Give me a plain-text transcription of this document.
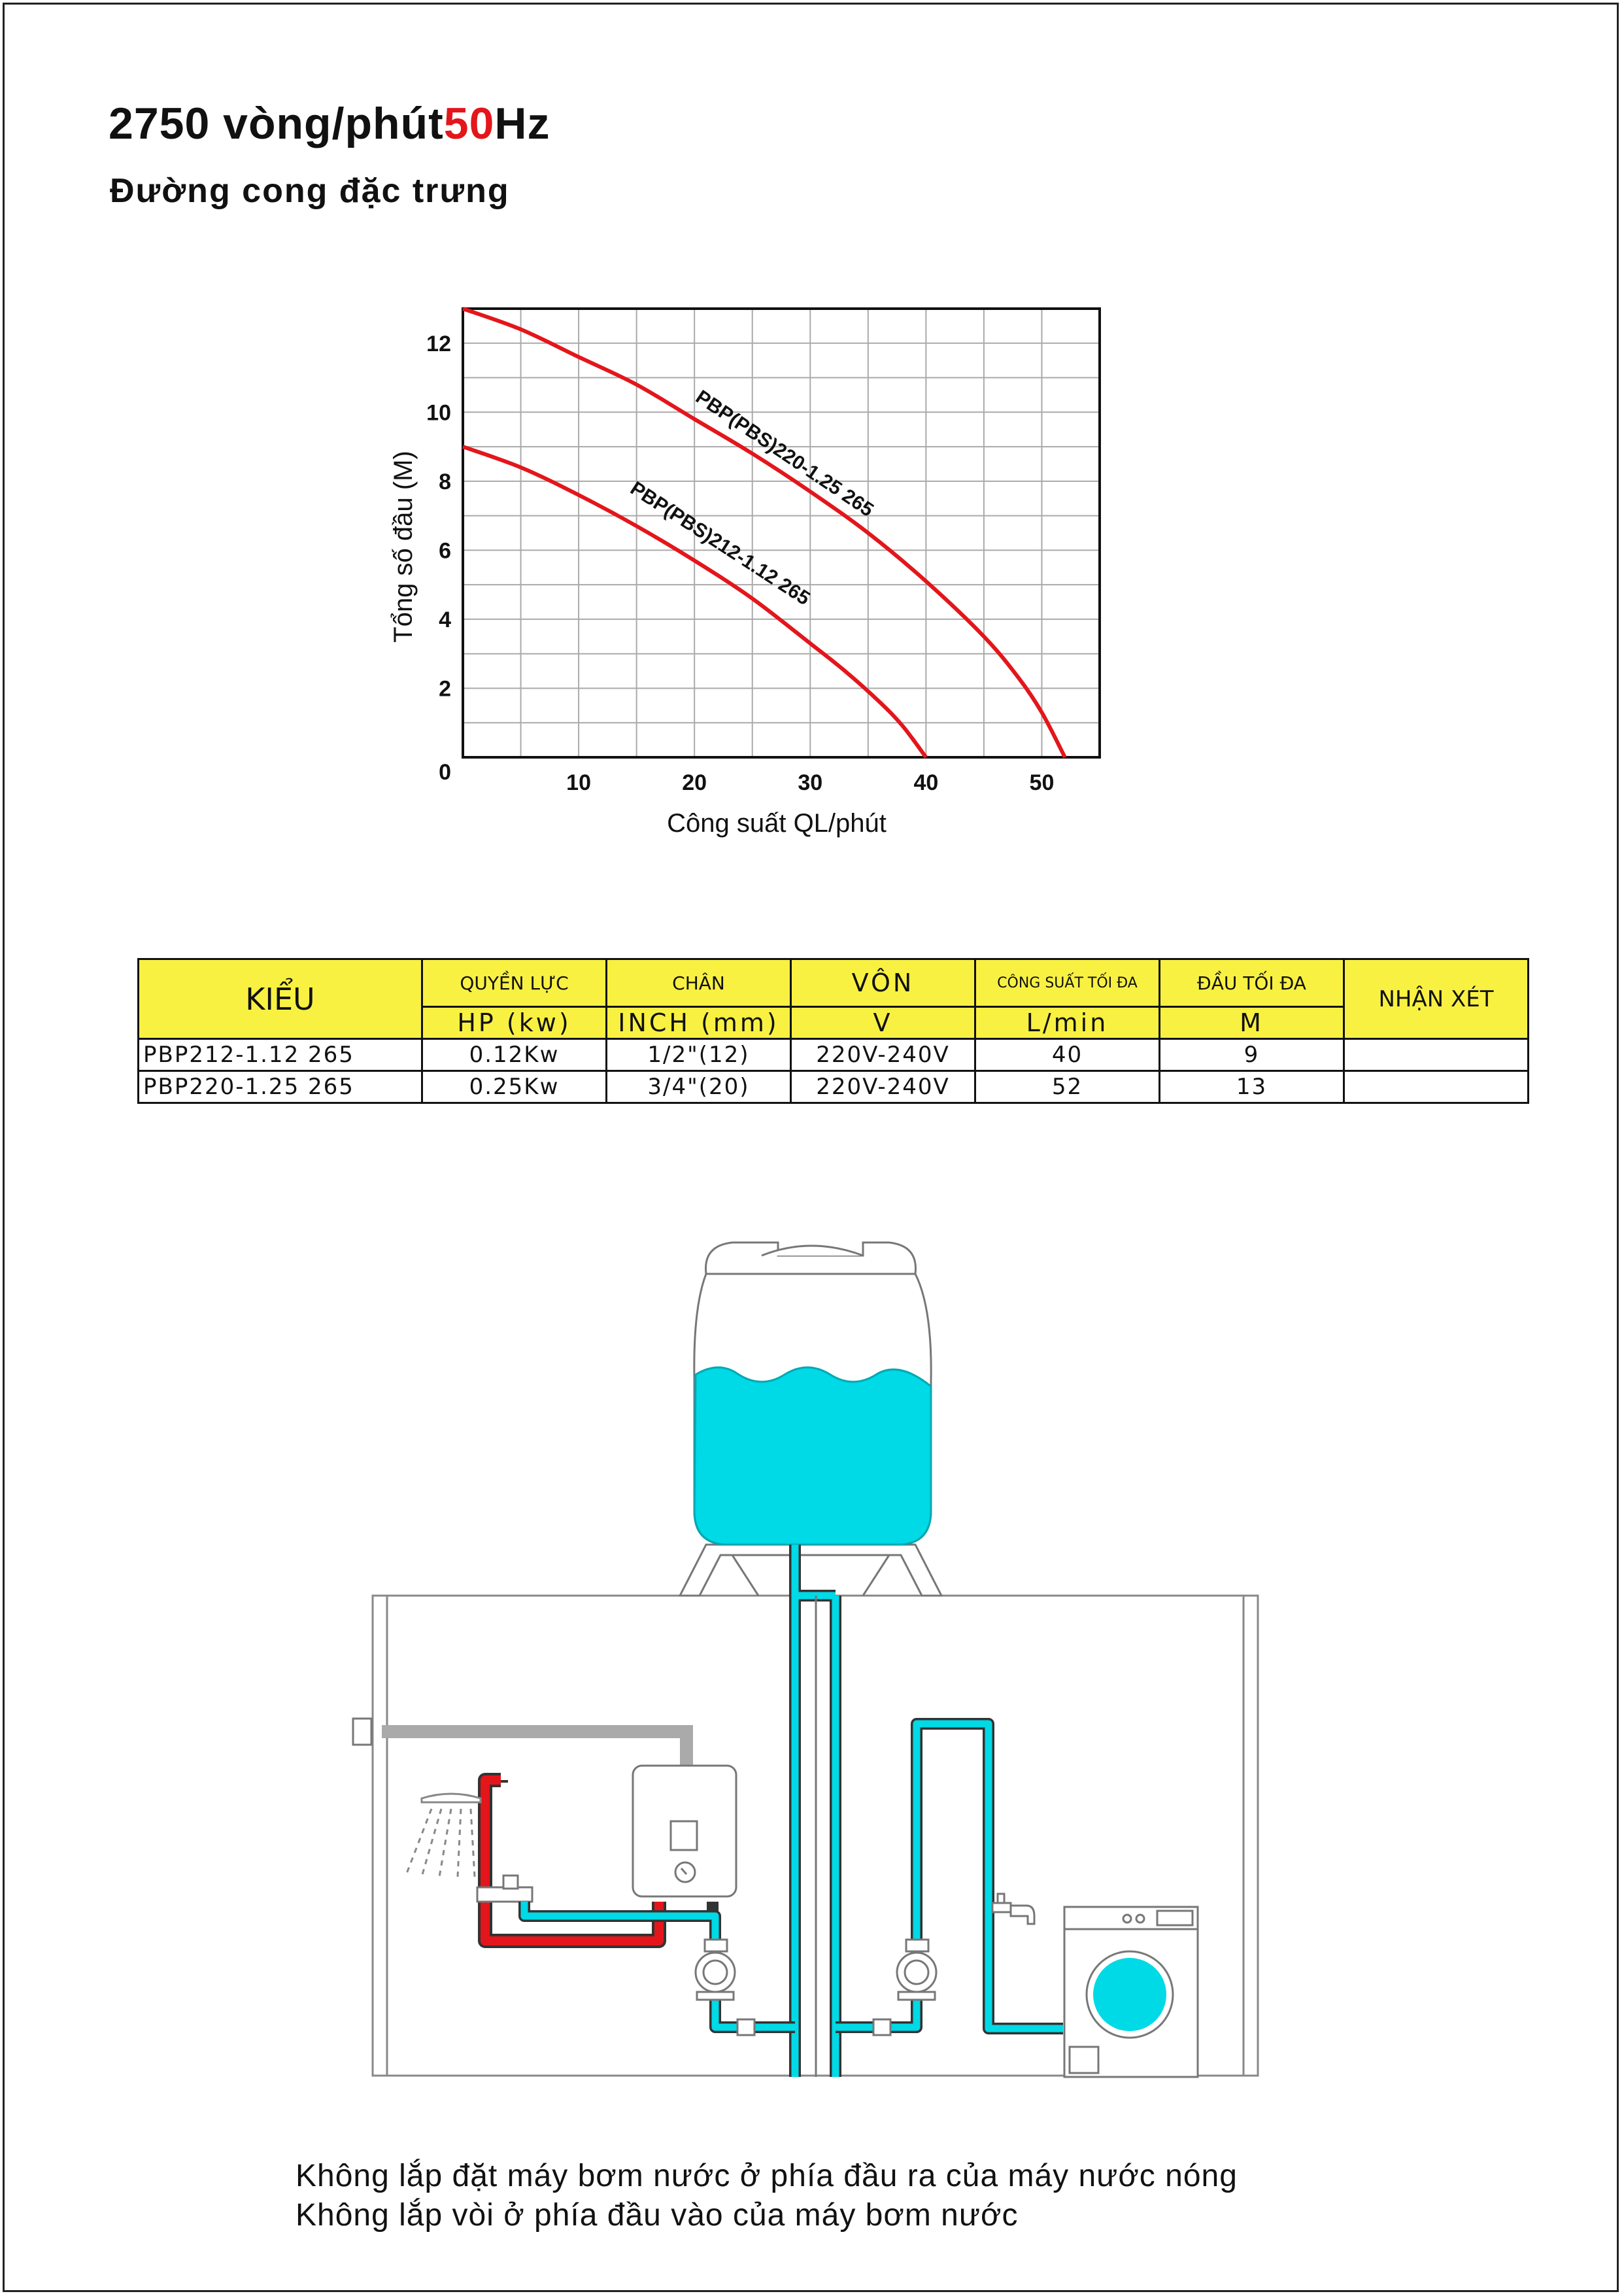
2750 vòng/phút50Hz
Đường cong đặc trưng
10	20	30	40	50
0
2
4
6
8
10
12
PBP(PBS)220-1.25 265
PBP(PBS)212-1.12 265
Công suất QL/phút
Tổng số đầu (M)
KIỂU	QUYỀN LỰC	CHÂN	VÔN	CÔNG SUẤT TỐI ĐA	ĐẦU TỐI ĐA	NHẬN XÉT
	HP (kw)	INCH (mm)	V	L/min	M	
PBP212-1.12 265	0.12Kw	1/2"(12)	220V-240V	40	9	
PBP220-1.25 265	0.25Kw	3/4"(20)	220V-240V	52	13	
Không lắp đặt máy bơm nước ở phía đầu ra của máy nước nóng
Không lắp vòi ở phía đầu vào của máy bơm nước
